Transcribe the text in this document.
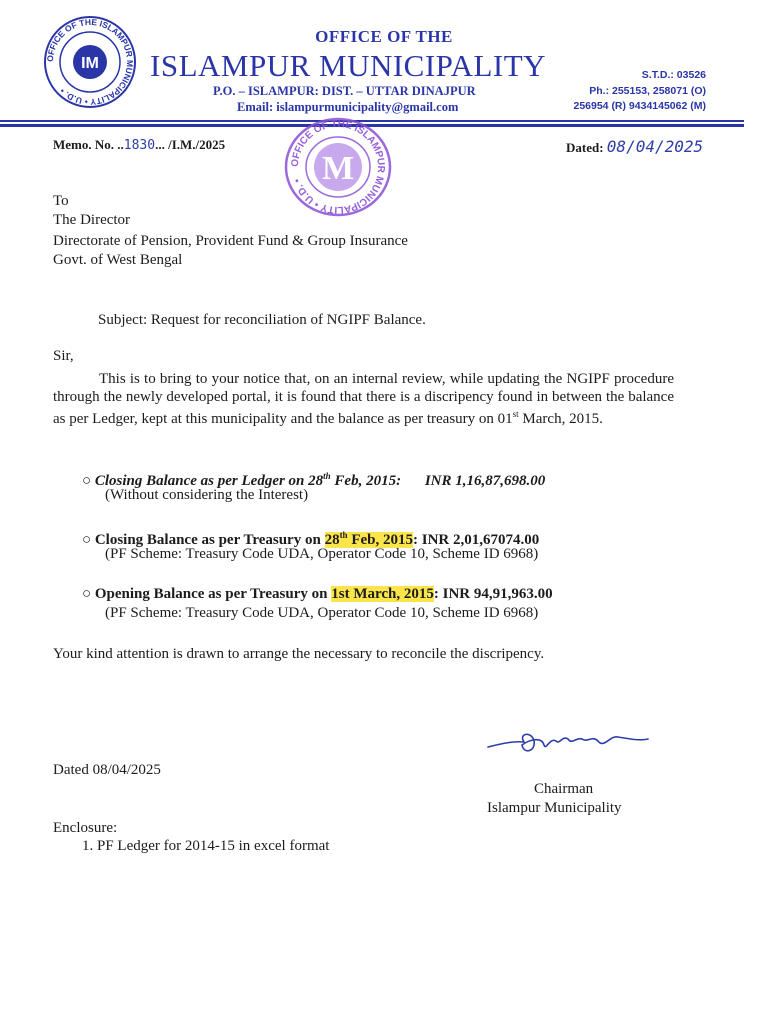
OFFICE OF THE ISLAMPUR MUNICIPALITY • U.D. •
IM
OFFICE OF THE
ISLAMPUR MUNICIPALITY
P.O. – ISLAMPUR: DIST. – UTTAR DINAJPUR
Email: islampurmunicipality@gmail.com
S.T.D.: 03526
Ph.: 255153, 258071 (O)
256954 (R) 9434145062 (M)
Memo. No. ..1830... /I.M./2025
OFFICE OF THE ISLAMPUR MUNICIPALITY • U.D. • M
Dated: 08/04/2025
To
The Director
Directorate of Pension, Provident Fund & Group Insurance
Govt. of West Bengal
Subject: Request for reconciliation of NGIPF Balance.
Sir,
This is to bring to your notice that, on an internal review, while updating the NGIPF procedure through the newly developed portal, it is found that there is a discripency found in between the balance as per Ledger, kept at this municipality and the balance as per treasury on 01st March, 2015.
○ Closing Balance as per Ledger on 28th Feb, 2015: INR 1,16,87,698.00
(Without considering the Interest)
○ Closing Balance as per Treasury on 28th Feb, 2015: INR 2,01,67074.00
(PF Scheme: Treasury Code UDA, Operator Code 10, Scheme ID 6968)
○ Opening Balance as per Treasury on 1st March, 2015: INR 94,91,963.00
(PF Scheme: Treasury Code UDA, Operator Code 10, Scheme ID 6968)
Your kind attention is drawn to arrange the necessary to reconcile the discripency.
Dated 08/04/2025
Chairman
Islampur Municipality
Enclosure:
1. PF Ledger for 2014-15 in excel format
